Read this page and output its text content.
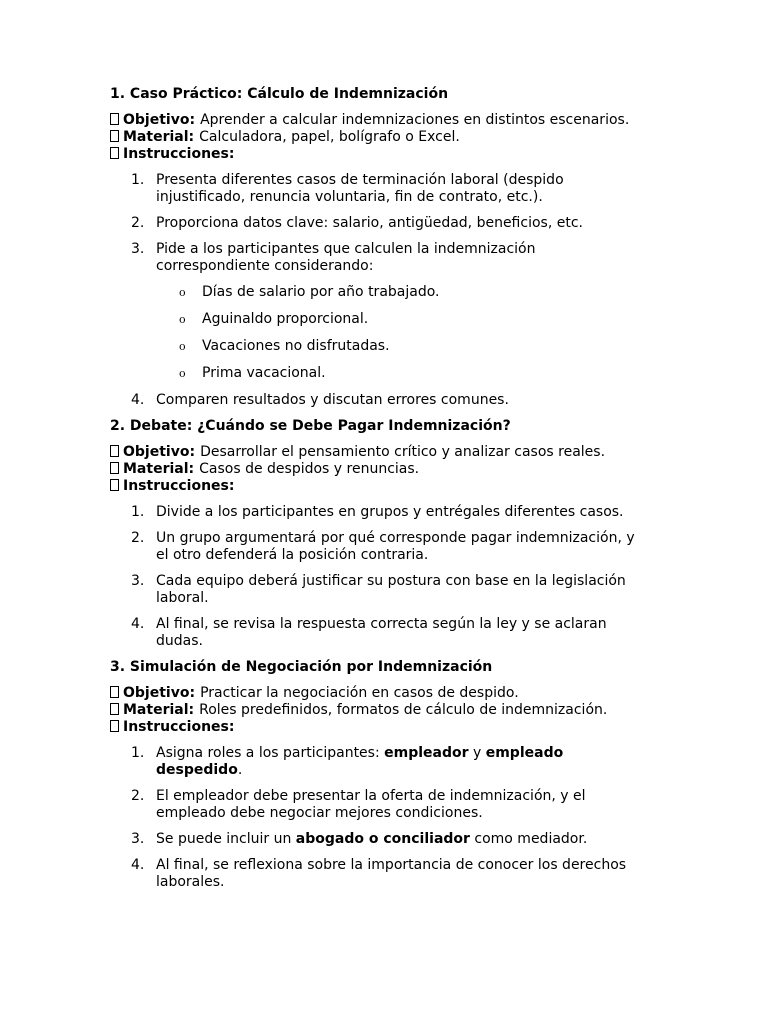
1. Caso Práctico: Cálculo de Indemnización
Objetivo: Aprender a calcular indemnizaciones en distintos escenarios.
Material: Calculadora, papel, bolígrafo o Excel.
Instrucciones:
1. Presenta diferentes casos de terminación laboral (despido injustificado, renuncia voluntaria, fin de contrato, etc.).
2. Proporciona datos clave: salario, antigüedad, beneficios, etc.
3. Pide a los participantes que calculen la indemnización correspondiente considerando:
o Días de salario por año trabajado.
o Aguinaldo proporcional.
o Vacaciones no disfrutadas.
o Prima vacacional.
4. Comparen resultados y discutan errores comunes.
2. Debate: ¿Cuándo se Debe Pagar Indemnización?
Objetivo: Desarrollar el pensamiento crítico y analizar casos reales.
Material: Casos de despidos y renuncias.
Instrucciones:
1. Divide a los participantes en grupos y entrégales diferentes casos.
2. Un grupo argumentará por qué corresponde pagar indemnización, y el otro defenderá la posición contraria.
3. Cada equipo deberá justificar su postura con base en la legislación laboral.
4. Al final, se revisa la respuesta correcta según la ley y se aclaran dudas.
3. Simulación de Negociación por Indemnización
Objetivo: Practicar la negociación en casos de despido.
Material: Roles predefinidos, formatos de cálculo de indemnización.
Instrucciones:
1. Asigna roles a los participantes: empleador y empleado despedido.
2. El empleador debe presentar la oferta de indemnización, y el empleado debe negociar mejores condiciones.
3. Se puede incluir un abogado o conciliador como mediador.
4. Al final, se reflexiona sobre la importancia de conocer los derechos laborales.
